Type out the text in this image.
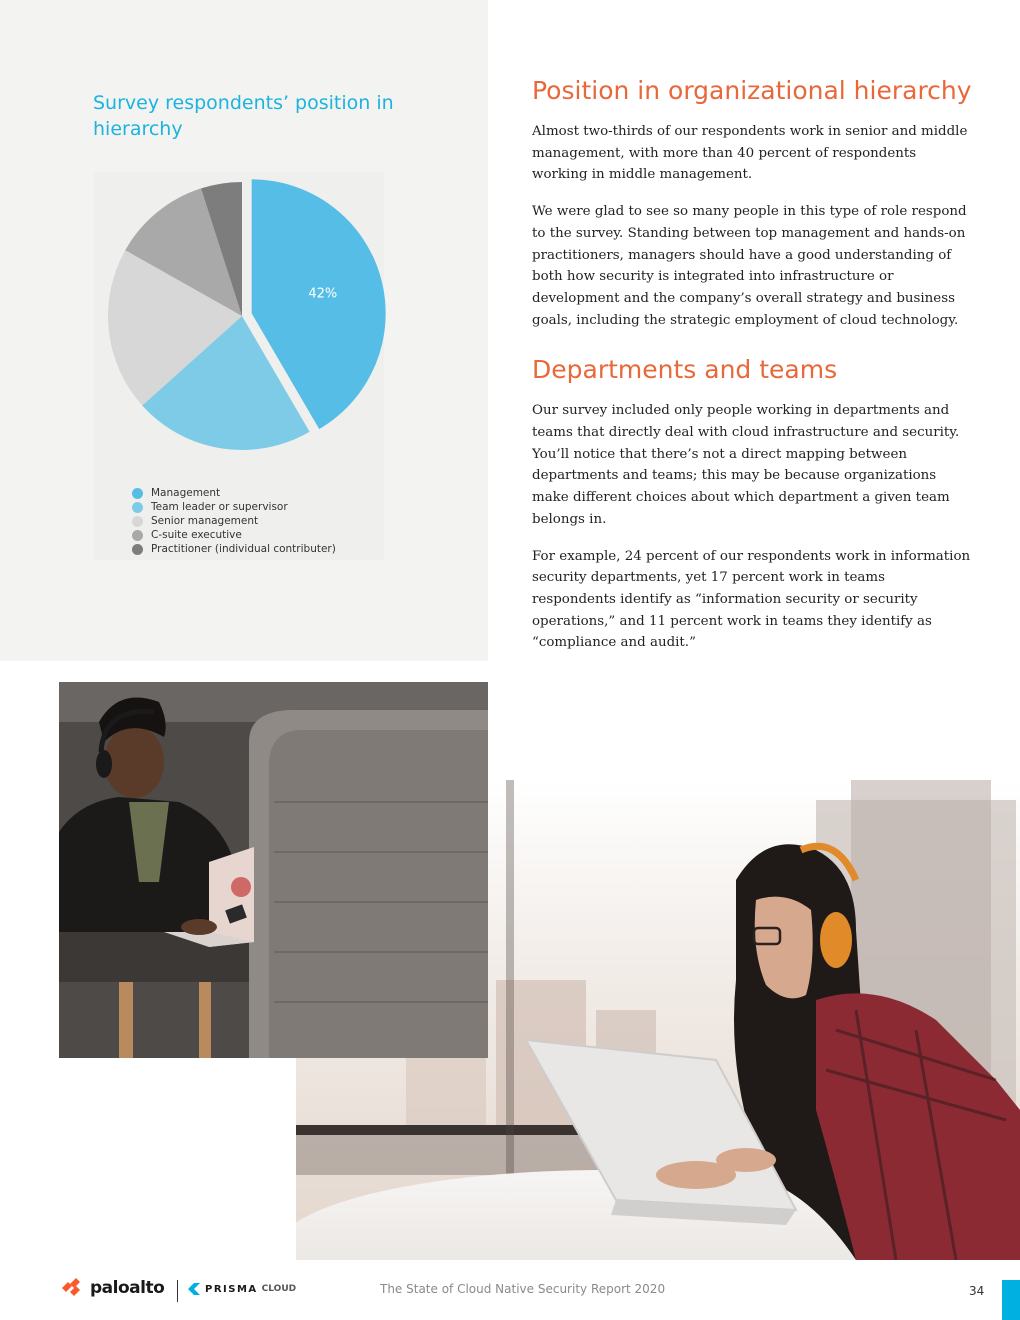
Survey respondents’ position in hierarchy
42%
Management
Team leader or supervisor
Senior management
C-suite executive
Practitioner (individual contributer)
Position in organizational hierarchy

Almost two-thirds of our respondents work in senior and middle management, with more than 40 percent of respondents working in middle management.

We were glad to see so many people in this type of role respond to the survey. Standing between top management and hands-on practitioners, managers should have a good understanding of both how security is integrated into infrastructure or development and the company’s overall strategy and business goals, including the strategic employment of cloud technology.

Departments and teams

Our survey included only people working in departments and teams that directly deal with cloud infrastructure and security. You’ll notice that there’s not a direct mapping between departments and teams; this may be because organizations make different choices about which department a given team belongs in.

For example, 24 percent of our respondents work in information security departments, yet 17 percent work in teams respondents identify as “information security or security operations,” and 11 percent work in teams they identify as “compliance and audit.”

paloalto	PRISMA CLOUD	The State of Cloud Native Security Report 2020	34
